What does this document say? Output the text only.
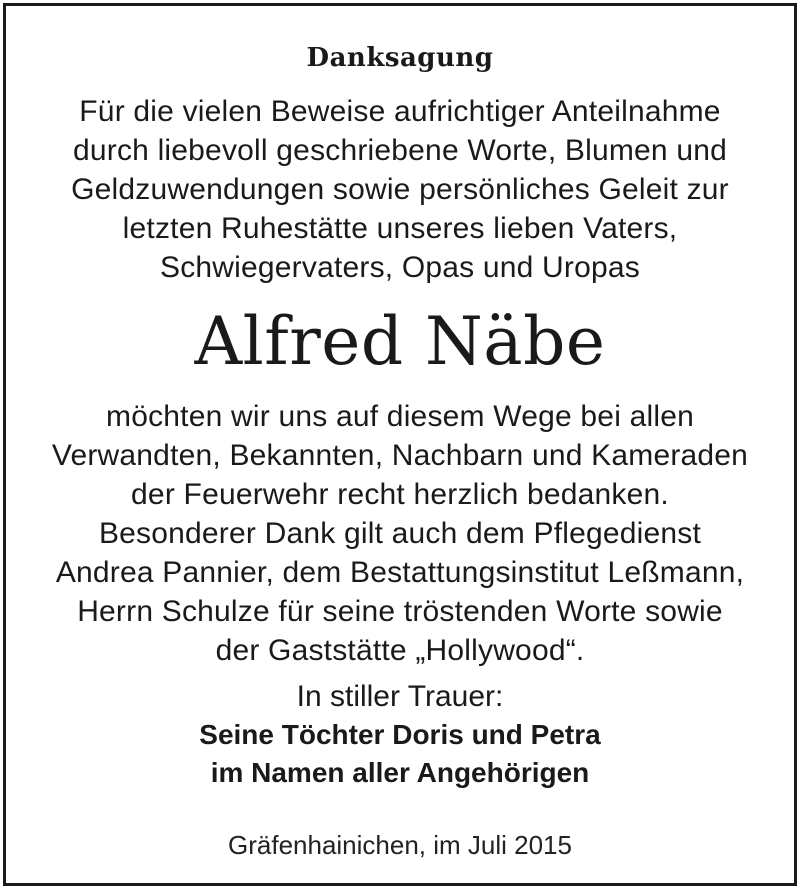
Danksagung
Für die vielen Beweise aufrichtiger Anteilnahme
durch liebevoll geschriebene Worte, Blumen und
Geldzuwendungen sowie persönliches Geleit zur
letzten Ruhestätte unseres lieben Vaters,
Schwiegervaters, Opas und Uropas
Alfred Näbe
möchten wir uns auf diesem Wege bei allen
Verwandten, Bekannten, Nachbarn und Kameraden
der Feuerwehr recht herzlich bedanken.
Besonderer Dank gilt auch dem Pflegedienst
Andrea Pannier, dem Bestattungsinstitut Leßmann,
Herrn Schulze für seine tröstenden Worte sowie
der Gaststätte „Hollywood“.
In stiller Trauer:
Seine Töchter Doris und Petra
im Namen aller Angehörigen
Gräfenhainichen, im Juli 2015
